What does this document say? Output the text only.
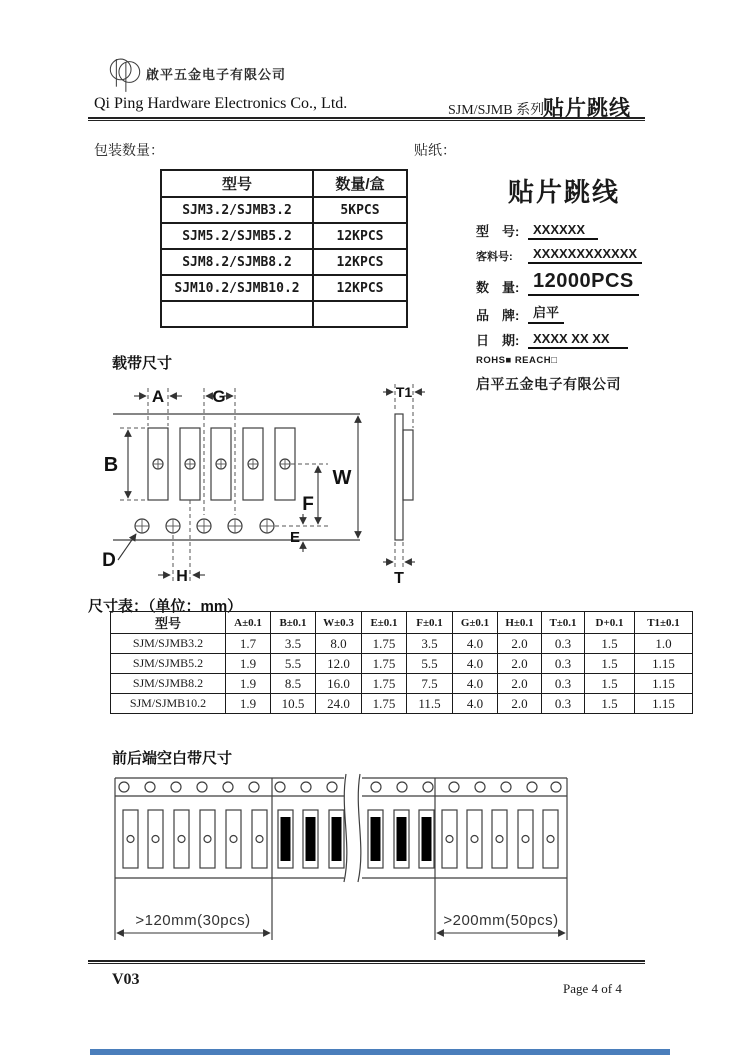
啟平五金电子有限公司
Qi Ping Hardware Electronics Co., Ltd.	SJM/SJMB 系列
贴片跳线
包装数量：	贴纸：
型号	数量/盒
SJM3.2/SJMB3.2	5KPCS
SJM5.2/SJMB5.2	12KPCS
SJM8.2/SJMB8.2	12KPCS
SJM10.2/SJMB10.2	12KPCS

贴片跳线
型　号:	XXXXXX
客料号:	XXXXXXXXXXXX
数　量: 12000PCS
品　牌:	启平
日　期:	XXXX XX XX
ROHS■ REACH□
启平五金电子有限公司
载带尺寸
A	G
B
W
F
E
H
D
T1
T
尺寸表：（单位：mm）
型号	A±0.1	B±0.1	W±0.3	E±0.1	F±0.1	G±0.1	H±0.1	T±0.1	D+0.1	T1±0.1
SJM/SJMB3.2	1.7	3.5	8.0	1.75	3.5	4.0	2.0	0.3	1.5	1.0
SJM/SJMB5.2	1.9	5.5	12.0	1.75	5.5	4.0	2.0	0.3	1.5	1.15
SJM/SJMB8.2	1.9	8.5	16.0	1.75	7.5	4.0	2.0	0.3	1.5	1.15
SJM/SJMB10.2	1.9	10.5	24.0	1.75	11.5	4.0	2.0	0.3	1.5	1.15
前后端空白带尺寸
>120mm(30pcs)	>200mm(50pcs)
V03
Page 4 of 4
